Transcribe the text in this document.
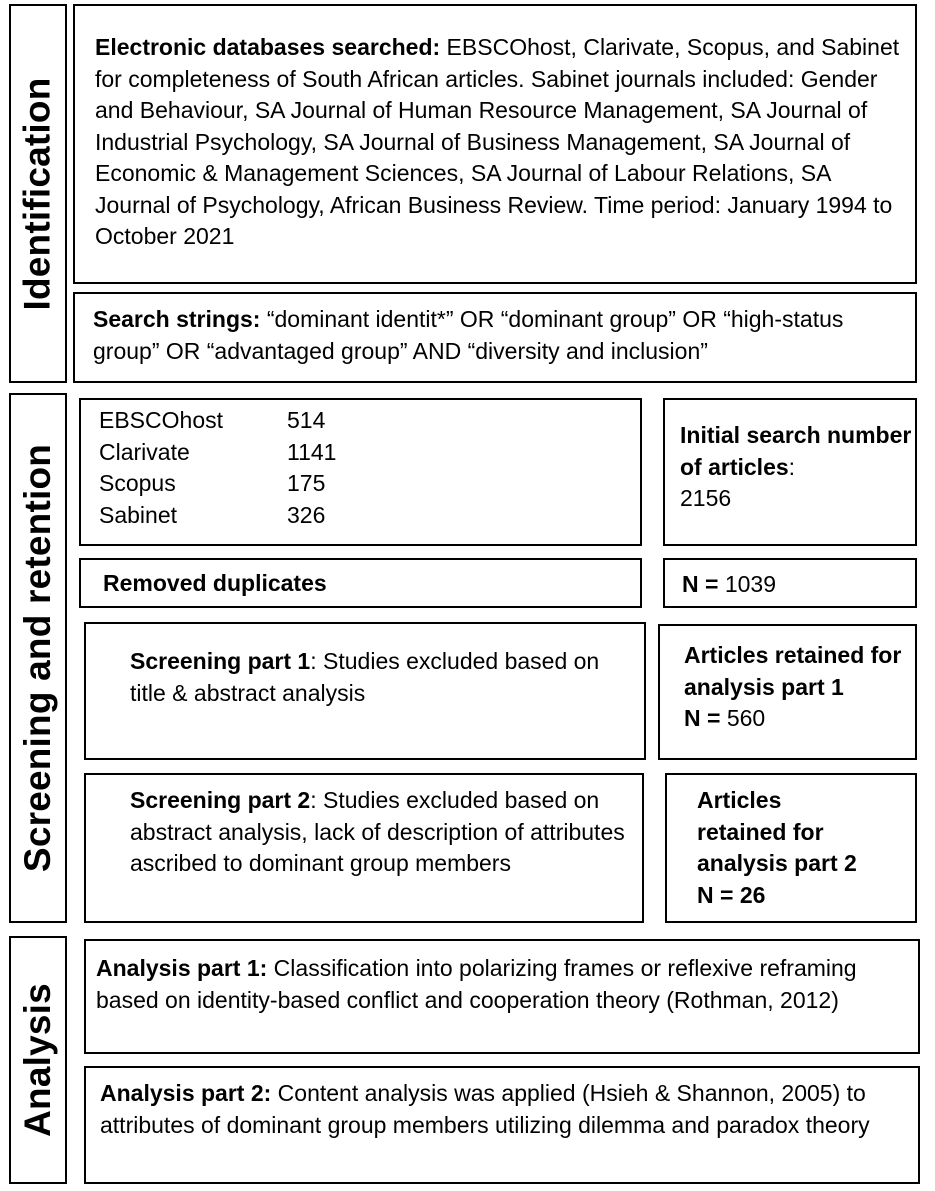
Identification
Screening and retention
Analysis
Electronic databases searched: EBSCOhost, Clarivate, Scopus, and Sabinet for completeness of South African articles. Sabinet journals included: Gender and Behaviour, SA Journal of Human Resource Management, SA Journal of Industrial Psychology, SA Journal of Business Management, SA Journal of Economic & Management Sciences, SA Journal of Labour Relations, SA Journal of Psychology, African Business Review. Time period: January 1994 to October 2021
Search strings: “dominant identit*” OR “dominant group” OR “high-status group” OR “advantaged group” AND “diversity and inclusion”
EBSCOhost	514
Clarivate	1141
Scopus	175
Sabinet	326
Initial search number of articles:
2156
Removed duplicates	N = 1039
Screening part 1: Studies excluded based on title & abstract analysis
Articles retained for analysis part 1
N = 560
Screening part 2: Studies excluded based on abstract analysis, lack of description of attributes ascribed to dominant group members
Articles
retained for
analysis part 2
N = 26
Analysis part 1: Classification into polarizing frames or reflexive reframing based on identity-based conflict and cooperation theory (Rothman, 2012)
Analysis part 2: Content analysis was applied (Hsieh & Shannon, 2005) to attributes of dominant group members utilizing dilemma and paradox theory
